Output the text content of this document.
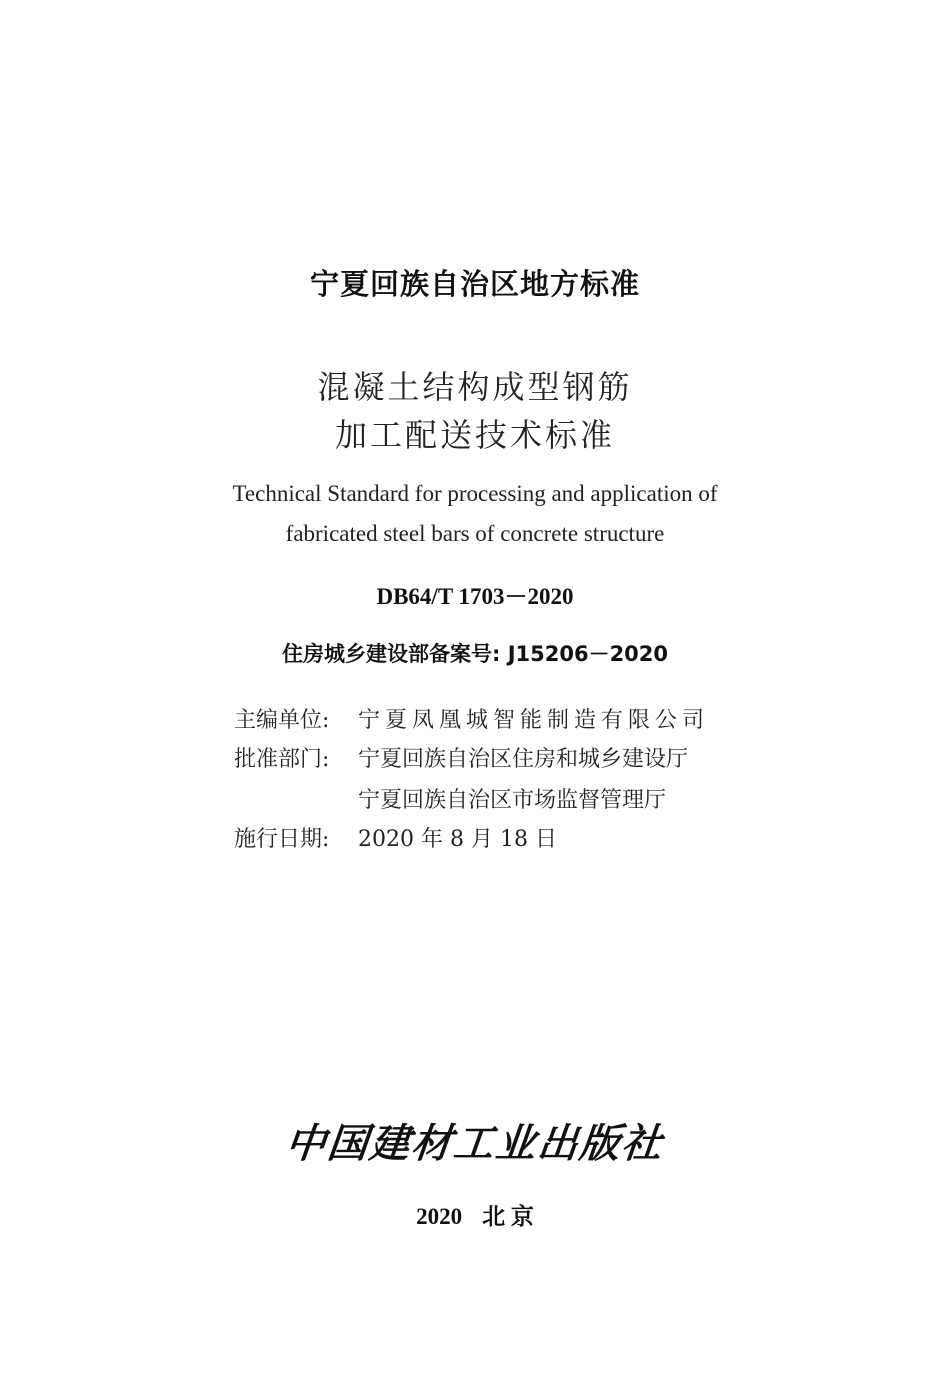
宁夏回族自治区地方标准
混凝土结构成型钢筋
加工配送技术标准
Technical Standard for processing and application of
fabricated steel bars of concrete structure
DB64/T 1703－2020
住房城乡建设部备案号: J15206－2020
主编单位: 宁夏凤凰城智能制造有限公司
批准部门: 宁夏回族自治区住房和城乡建设厅
宁夏回族自治区市场监督管理厅
施行日期: 2020 年 8 月 18 日
中国建材工业出版社
2020 北 京
